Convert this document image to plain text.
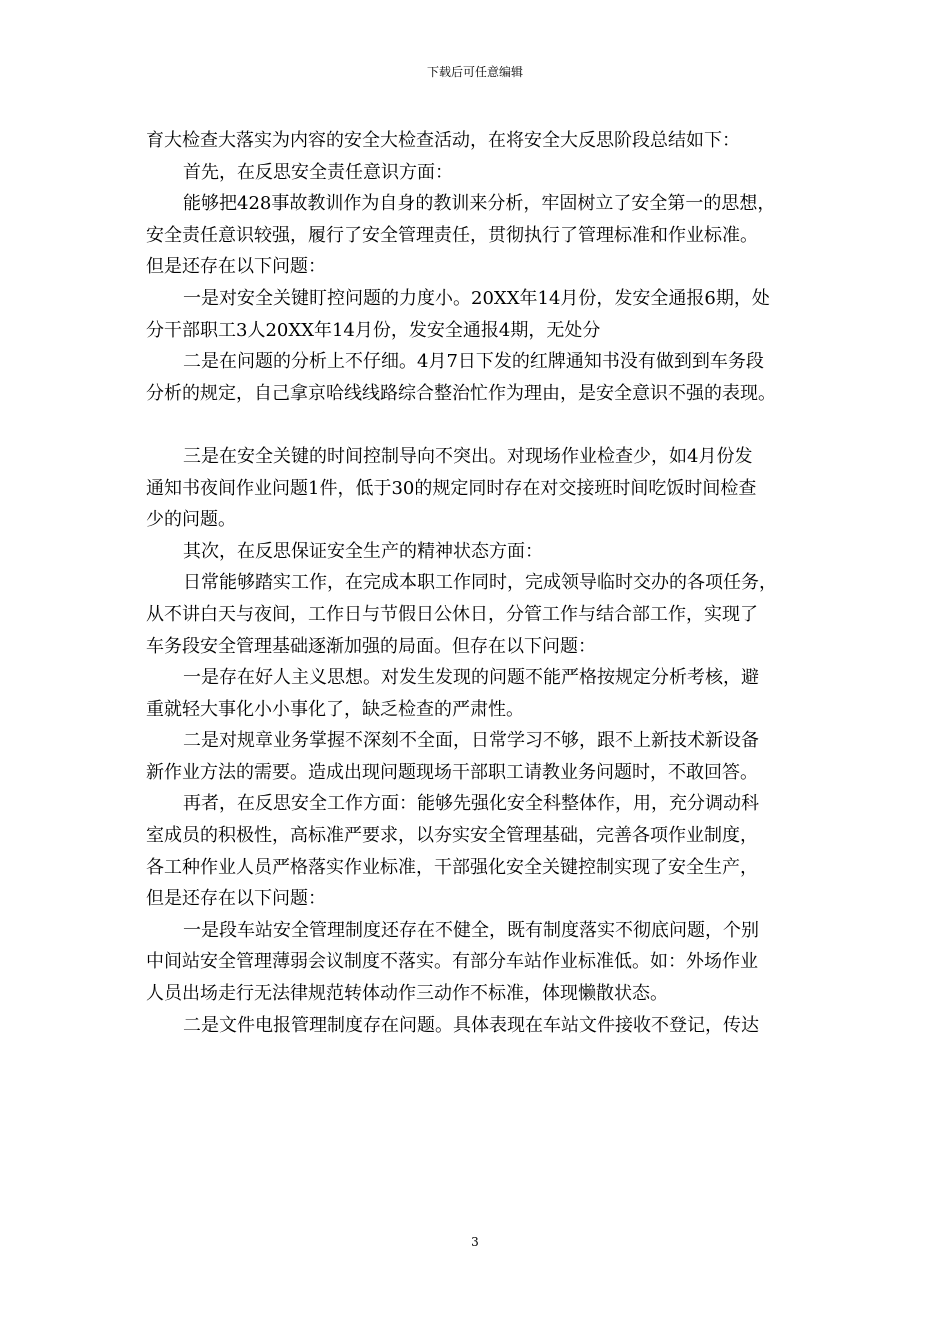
下载后可任意编辑

育大检查大落实为内容的安全大检查活动，在将安全大反思阶段总结如下：

首先，在反思安全责任意识方面：

能够把428事故教训作为自身的教训来分析，牢固树立了安全第一的思想，

安全责任意识较强，履行了安全管理责任，贯彻执行了管理标准和作业标准。

但是还存在以下问题：

一是对安全关键盯控问题的力度小。20XX年14月份，发安全通报6期，处

分干部职工3人20XX年14月份，发安全通报4期，无处分

二是在问题的分析上不仔细。4月7日下发的红牌通知书没有做到到车务段

分析的规定，自己拿京哈线线路综合整治忙作为理由，是安全意识不强的表现。

三是在安全关键的时间控制导向不突出。对现场作业检查少，如4月份发

通知书夜间作业问题1件，低于30的规定同时存在对交接班时间吃饭时间检查

少的问题。

其次，在反思保证安全生产的精神状态方面：

日常能够踏实工作，在完成本职工作同时，完成领导临时交办的各项任务，

从不讲白天与夜间，工作日与节假日公休日，分管工作与结合部工作，实现了

车务段安全管理基础逐渐加强的局面。但存在以下问题：

一是存在好人主义思想。对发生发现的问题不能严格按规定分析考核，避

重就轻大事化小小事化了，缺乏检查的严肃性。

二是对规章业务掌握不深刻不全面，日常学习不够，跟不上新技术新设备

新作业方法的需要。造成出现问题现场干部职工请教业务问题时，不敢回答。

再者，在反思安全工作方面：能够先强化安全科整体作，用，充分调动科

室成员的积极性，高标准严要求，以夯实安全管理基础，完善各项作业制度，

各工种作业人员严格落实作业标准，干部强化安全关键控制实现了安全生产，

但是还存在以下问题：

一是段车站安全管理制度还存在不健全，既有制度落实不彻底问题，个别

中间站安全管理薄弱会议制度不落实。有部分车站作业标准低。如：外场作业

人员出场走行无法律规范转体动作三动作不标准，体现懒散状态。

二是文件电报管理制度存在问题。具体表现在车站文件接收不登记，传达

3
